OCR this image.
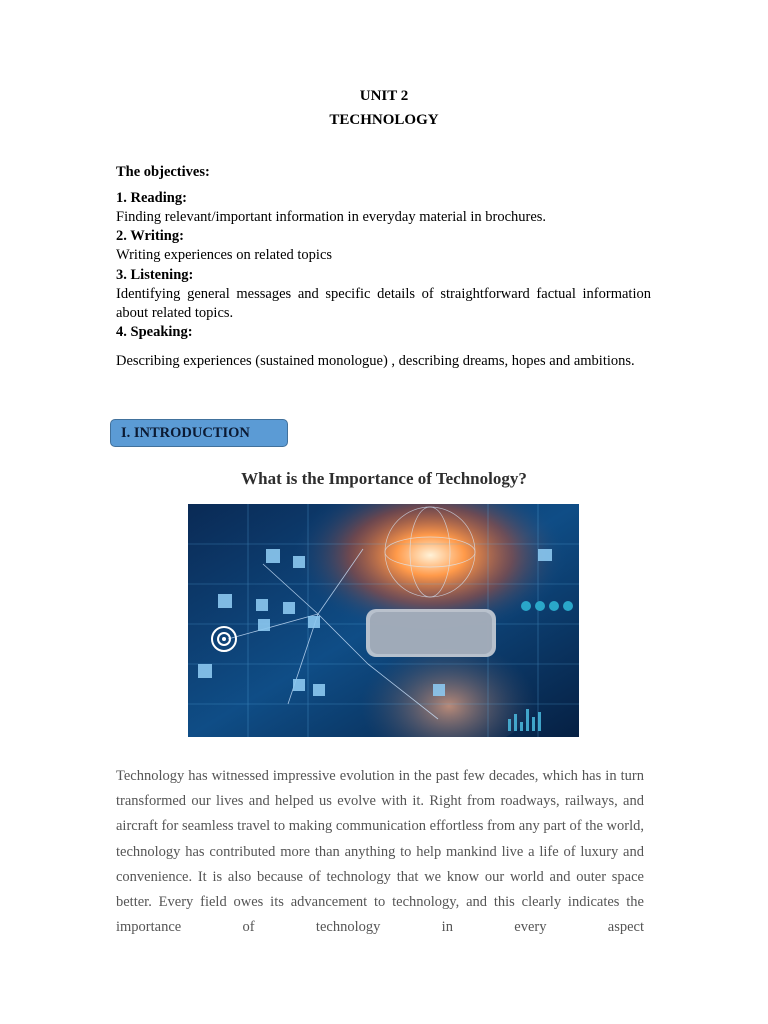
UNIT 2
TECHNOLOGY
The objectives:
1. Reading:
Finding relevant/important information in everyday material in brochures.
2. Writing:
Writing experiences on related topics
3. Listening:
Identifying general messages and specific details of straightforward factual information about related topics.
4. Speaking:
Describing experiences (sustained monologue) , describing dreams, hopes and ambitions.
I. INTRODUCTION
What is the Importance of Technology?
Technology has witnessed impressive evolution in the past few decades, which has in turn transformed our lives and helped us evolve with it. Right from roadways, railways, and aircraft for seamless travel to making communication effortless from any part of the world, technology has contributed more than anything to help mankind live a life of luxury and convenience. It is also because of technology that we know our world and outer space better. Every field owes its advancement to technology, and this clearly indicates the importance of technology in every aspect
